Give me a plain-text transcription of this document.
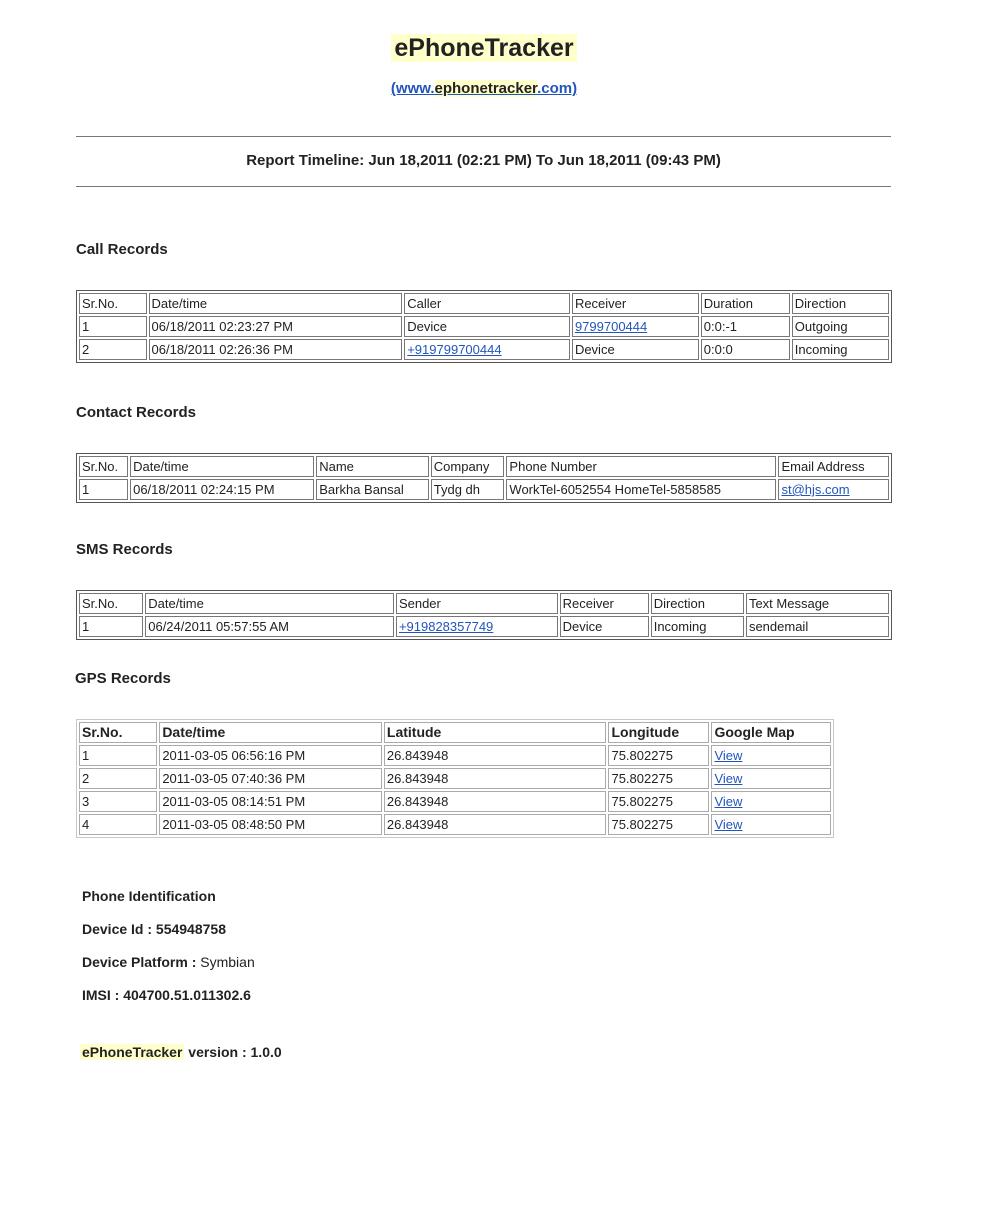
ePhoneTracker
(www.ephonetracker.com)
Report Timeline: Jun 18,2011 (02:21 PM) To Jun 18,2011 (09:43 PM)
Call Records
Sr.No.	Date/time	Caller	Receiver	Duration	Direction
1	06/18/2011 02:23:27 PM	Device	9799700444	0:0:-1	Outgoing
2	06/18/2011 02:26:36 PM	+919799700444	Device	0:0:0	Incoming
Contact Records
Sr.No.	Date/time	Name	Company	Phone Number	Email Address
1	06/18/2011 02:24:15 PM	Barkha Bansal	Tydg dh	WorkTel-6052554 HomeTel-5858585	st@hjs.com
SMS Records
Sr.No.	Date/time	Sender	Receiver	Direction	Text Message
1	06/24/2011 05:57:55 AM	+919828357749	Device	Incoming	sendemail
GPS Records
Sr.No.	Date/time	Latitude	Longitude	Google Map
1	2011-03-05 06:56:16 PM	26.843948	75.802275	View
2	2011-03-05 07:40:36 PM	26.843948	75.802275	View
3	2011-03-05 08:14:51 PM	26.843948	75.802275	View
4	2011-03-05 08:48:50 PM	26.843948	75.802275	View
Phone Identification
Device Id : 554948758
Device Platform : Symbian
IMSI : 404700.51.011302.6
ePhoneTracker version : 1.0.0
